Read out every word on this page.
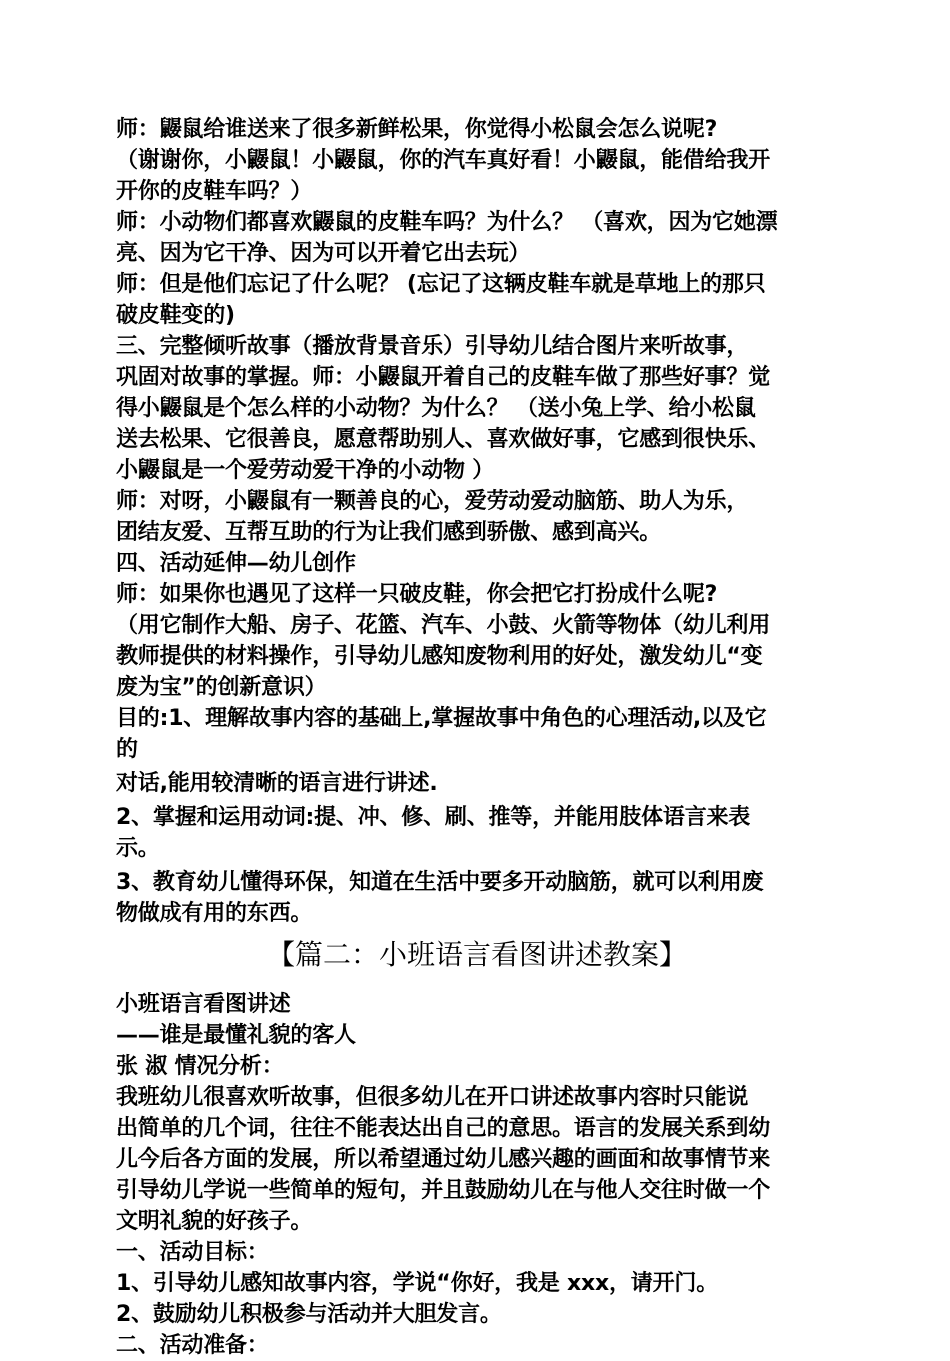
师：鼹鼠给谁送来了很多新鲜松果，你觉得小松鼠会怎么说呢?
（谢谢你，小鼹鼠！小鼹鼠，你的汽车真好看！小鼹鼠，能借给我开
开你的皮鞋车吗？）
师：小动物们都喜欢鼹鼠的皮鞋车吗？为什么？ （喜欢，因为它她漂
亮、因为它干净、因为可以开着它出去玩）
师：但是他们忘记了什么呢？ (忘记了这辆皮鞋车就是草地上的那只
破皮鞋变的)
三、完整倾听故事（播放背景音乐）引导幼儿结合图片来听故事，
巩固对故事的掌握。师：小鼹鼠开着自己的皮鞋车做了那些好事？觉
得小鼹鼠是个怎么样的小动物？为什么？ （送小兔上学、给小松鼠
送去松果、它很善良，愿意帮助别人、喜欢做好事，它感到很快乐、
小鼹鼠是一个爱劳动爱干净的小动物 ）
师：对呀，小鼹鼠有一颗善良的心，爱劳动爱动脑筋、助人为乐，
团结友爱、互帮互助的行为让我们感到骄傲、感到高兴。
四、活动延伸—幼儿创作
师：如果你也遇见了这样一只破皮鞋，你会把它打扮成什么呢?
（用它制作大船、房子、花篮、汽车、小鼓、火箭等物体（幼儿利用
教师提供的材料操作，引导幼儿感知废物利用的好处，激发幼儿“变
废为宝”的创新意识）
目的:1、理解故事内容的基础上,掌握故事中角色的心理活动,以及它
的
对话,能用较清晰的语言进行讲述.
2、掌握和运用动词:提、冲、修、刷、推等，并能用肢体语言来表
示。
3、教育幼儿懂得环保，知道在生活中要多开动脑筋，就可以利用废
物做成有用的东西。
【篇二：小班语言看图讲述教案】
小班语言看图讲述
——谁是最懂礼貌的客人
张 淑 情况分析：
我班幼儿很喜欢听故事，但很多幼儿在开口讲述故事内容时只能说
出简单的几个词，往往不能表达出自己的意思。语言的发展关系到幼
儿今后各方面的发展，所以希望通过幼儿感兴趣的画面和故事情节来
引导幼儿学说一些简单的短句，并且鼓励幼儿在与他人交往时做一个
文明礼貌的好孩子。
一、活动目标：
1、引导幼儿感知故事内容，学说“你好，我是 xxx，请开门。
2、鼓励幼儿积极参与活动并大胆发言。
二、活动准备：
